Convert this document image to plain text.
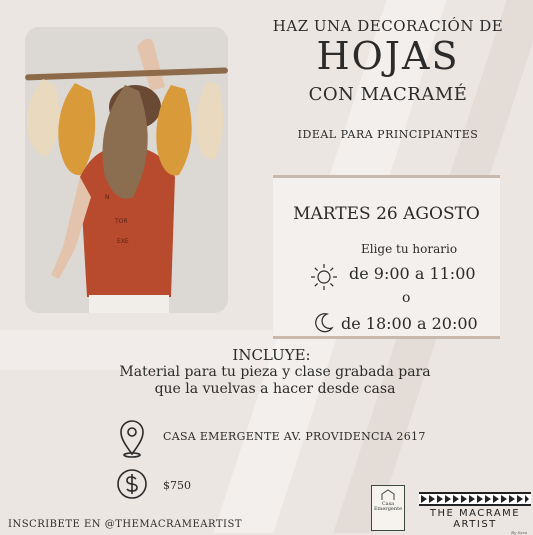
N
TOR
EXE
HAZ UNA DECORACIÓN DE
HOJAS
CON MACRAMÉ
IDEAL PARA PRINCIPIANTES
MARTES 26 AGOSTO
Elige tu horario
de 9:00 a 11:00
o
de 18:00 a 20:00
INCLUYE:
Material para tu pieza y clase grabada para
que la vuelvas a hacer desde casa
CASA EMERGENTE AV. PROVIDENCIA 2617
$750
INSCRIBETE EN @THEMACRAMEARTIST
Casa Emergente	THE MACRAME ARTIST
By Sara
